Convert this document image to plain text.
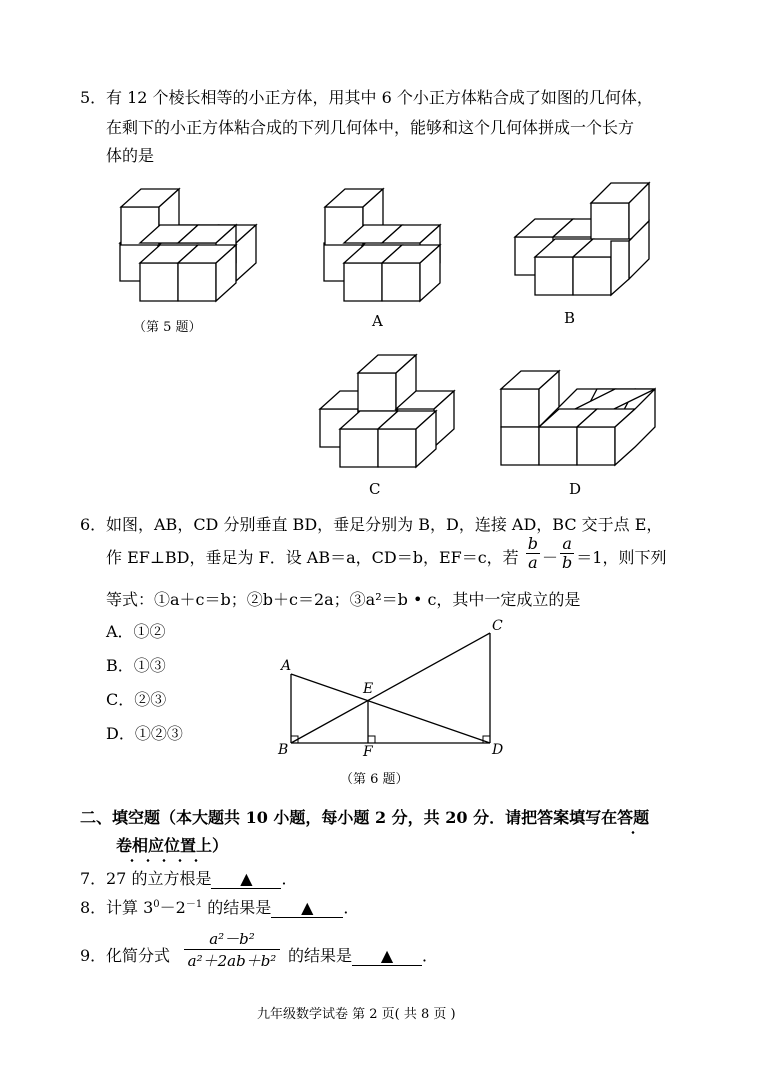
5． 有 12 个棱长相等的小正方体，用其中 6 个小正方体粘合成了如图的几何体，
在剩下的小正方体粘合成的下列几何体中，能够和这个几何体拼成一个长方
体的是
（第 5 题）	A	B
C	D
6． 如图，AB，CD 分别垂直 BD，垂足分别为 B，D，连接 AD，BC 交于点 E，
作 EF⊥BD，垂足为 F．设 AB＝a，CD＝b，EF＝c，若 $\frac{b}{a} - \frac{a}{b} =1$，则下列
等式：①a＋c＝b；②b＋c＝2a；③a²＝b • c，其中一定成立的是
A．①②
B．①③
C．②③
D．①②③
A
B
C
D
E
F
（第 6 题）
二、填空题（本大题共 10 小题，每小题 2 分，共 20 分．请把答案填写在答题
卷相应位置上）
7． 27 的立方根是 ▲ ．
8． 计算 $3^0-2^{-1}$ 的结果是 ▲ ．
9． 化简分式 $\frac{\text{a²－b²}}{\text{a²＋2ab＋b²}}$ 的结果是 ▲ ．
九年级数学试卷 第 2 页( 共 8 页 )
